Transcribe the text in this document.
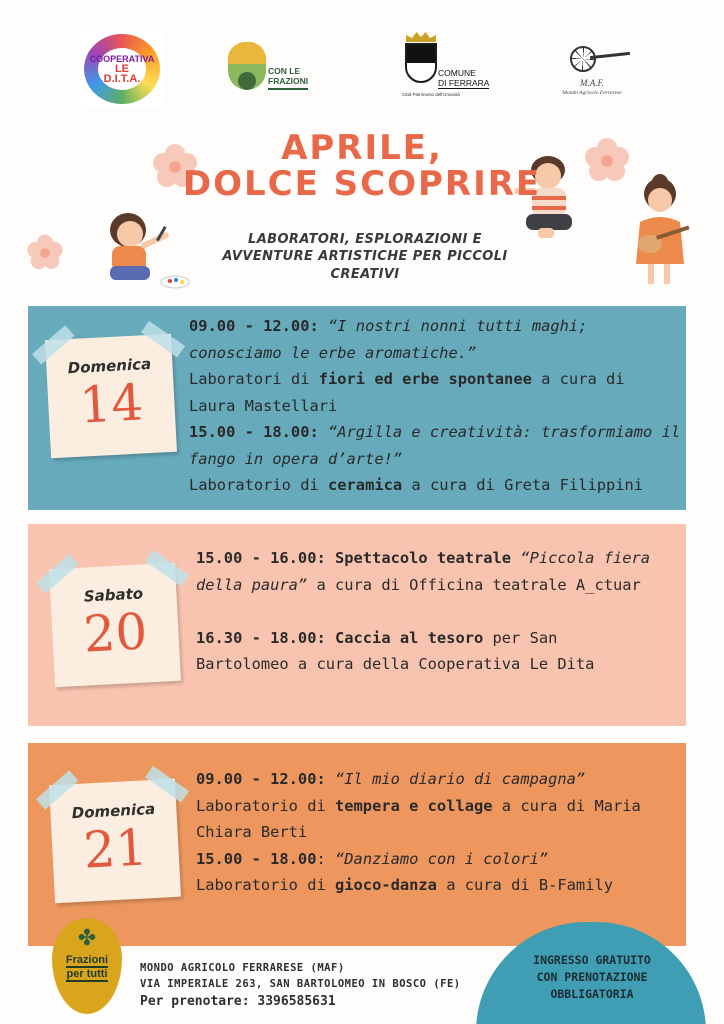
COOPERATIVA
LE
D.I.T.A.
CON LE
FRAZIONI
COMUNE
DI FERRARA
Città Patrimonio dell'Umanità
M.A.F.
Mondo Agricolo Ferrarese
APRILE,
DOLCE SCOPRIRE
LABORATORI, ESPLORAZIONI E
AVVENTURE ARTISTICHE PER PICCOLI CREATIVI
Domenica
14

09.00 - 12.00: “I nostri nonni tutti maghi;

conosciamo le erbe aromatiche.”

Laboratori di fiori ed erbe spontanee a cura di

Laura Mastellari

15.00 - 18.00: “Argilla e creatività: trasformiamo il

fango in opera d’arte!”

Laboratorio di ceramica a cura di Greta Filippini

Sabato
20

15.00 - 16.00: Spettacolo teatrale “Piccola fiera

della paura” a cura di Officina teatrale A_ctuar

16.30 - 18.00: Caccia al tesoro per San

Bartolomeo a cura della Cooperativa Le Dita

Domenica
21

09.00 - 12.00: “Il mio diario di campagna”

Laboratorio di tempera e collage a cura di Maria

Chiara Berti

15.00 - 18.00: “Danziamo con i colori”

Laboratorio di gioco-danza a cura di B-Family

✤
Frazioni
per tutti	MONDO AGRICOLO FERRARESE (MAF)
VIA IMPERIALE 263, SAN BARTOLOMEO IN BOSCO (FE)
Per prenotare: 3396585631
INGRESSO GRATUITO
CON PRENOTAZIONE
OBBLIGATORIA
